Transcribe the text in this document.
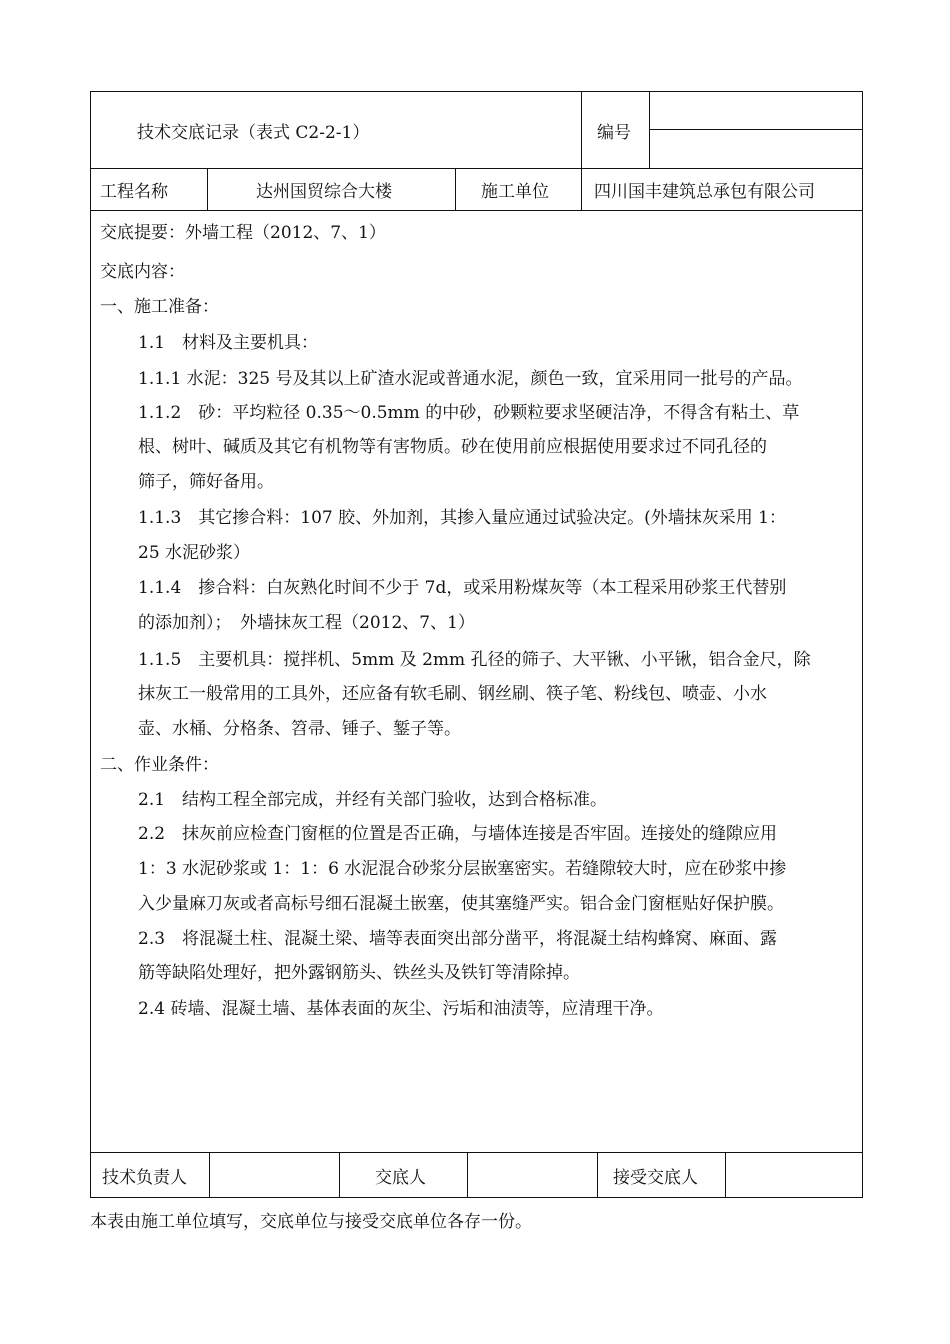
技术交底记录（表式 C2-2-1）	编号
工程名称	达州国贸综合大楼	施工单位	四川国丰建筑总承包有限公司
交底提要：外墙工程（2012、7、1）
交底内容：
一、施工准备：
1.1　材料及主要机具：
1.1.1 水泥：325 号及其以上矿渣水泥或普通水泥，颜色一致，宜采用同一批号的产品。
1.1.2　砂：平均粒径 0.35～0.5mm 的中砂，砂颗粒要求坚硬洁净，不得含有粘土、草
根、树叶、碱质及其它有机物等有害物质。砂在使用前应根据使用要求过不同孔径的
筛子，筛好备用。
1.1.3　其它掺合料：107 胶、外加剂，其掺入量应通过试验决定。(外墙抹灰采用 1：
25 水泥砂浆）
1.1.4　掺合料：白灰熟化时间不少于 7d，或采用粉煤灰等（本工程采用砂浆王代替别
的添加剂）；　外墙抹灰工程（2012、7、1）
1.1.5　主要机具：搅拌机、5mm 及 2mm 孔径的筛子、大平锹、小平锹，铝合金尺，除
抹灰工一般常用的工具外，还应备有软毛刷、钢丝刷、筷子笔、粉线包、喷壶、小水
壶、水桶、分格条、笤帚、锤子、錾子等。
二、作业条件：
2.1　结构工程全部完成，并经有关部门验收，达到合格标准。
2.2　抹灰前应检查门窗框的位置是否正确，与墙体连接是否牢固。连接处的缝隙应用
1：3 水泥砂浆或 1：1：6 水泥混合砂浆分层嵌塞密实。若缝隙较大时，应在砂浆中掺
入少量麻刀灰或者高标号细石混凝土嵌塞，使其塞缝严实。铝合金门窗框贴好保护膜。
2.3　将混凝土柱、混凝土梁、墙等表面突出部分凿平，将混凝土结构蜂窝、麻面、露
筋等缺陷处理好，把外露钢筋头、铁丝头及铁钉等清除掉。
2.4 砖墙、混凝土墙、基体表面的灰尘、污垢和油渍等，应清理干净。
技术负责人	交底人	接受交底人
本表由施工单位填写，交底单位与接受交底单位各存一份。
